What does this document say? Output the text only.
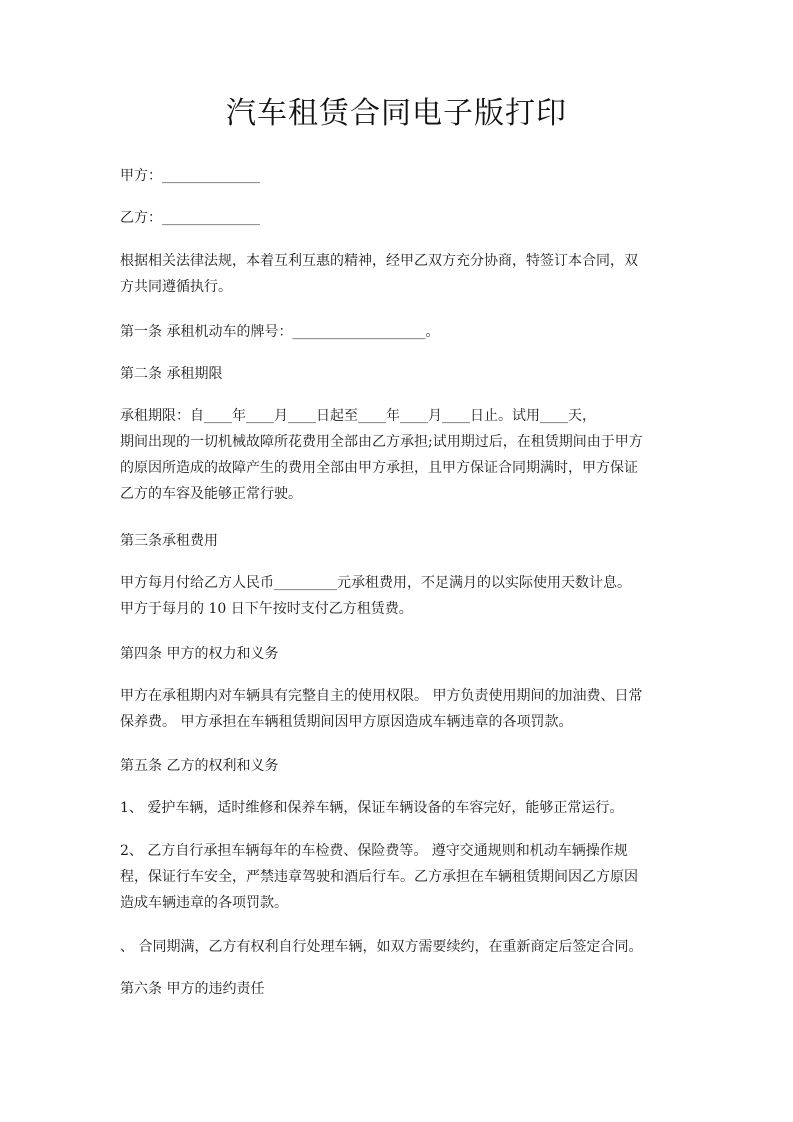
汽车租赁合同电子版打印
甲方：______________
乙方：______________
根据相关法律法规，本着互利互惠的精神，经甲乙双方充分协商，特签订本合同，双
方共同遵循执行。
第一条 承租机动车的牌号：___________________。
第二条 承租期限
承租期限：自____年____月____日起至____年____月____日止。试用____天，
期间出现的一切机械故障所花费用全部由乙方承担;试用期过后，在租赁期间由于甲方
的原因所造成的故障产生的费用全部由甲方承担，且甲方保证合同期满时，甲方保证
乙方的车容及能够正常行驶。
第三条承租费用
甲方每月付给乙方人民币_________元承租费用，不足满月的以实际使用天数计息。
甲方于每月的 10 日下午按时支付乙方租赁费。
第四条 甲方的权力和义务
甲方在承租期内对车辆具有完整自主的使用权限。 甲方负责使用期间的加油费、日常
保养费。 甲方承担在车辆租赁期间因甲方原因造成车辆违章的各项罚款。
第五条 乙方的权利和义务
1、 爱护车辆，适时维修和保养车辆，保证车辆设备的车容完好，能够正常运行。
2、 乙方自行承担车辆每年的车检费、保险费等。 遵守交通规则和机动车辆操作规
程，保证行车安全，严禁违章驾驶和酒后行车。乙方承担在车辆租赁期间因乙方原因
造成车辆违章的各项罚款。
、 合同期满，乙方有权利自行处理车辆，如双方需要续约，在重新商定后签定合同。
第六条 甲方的违约责任
